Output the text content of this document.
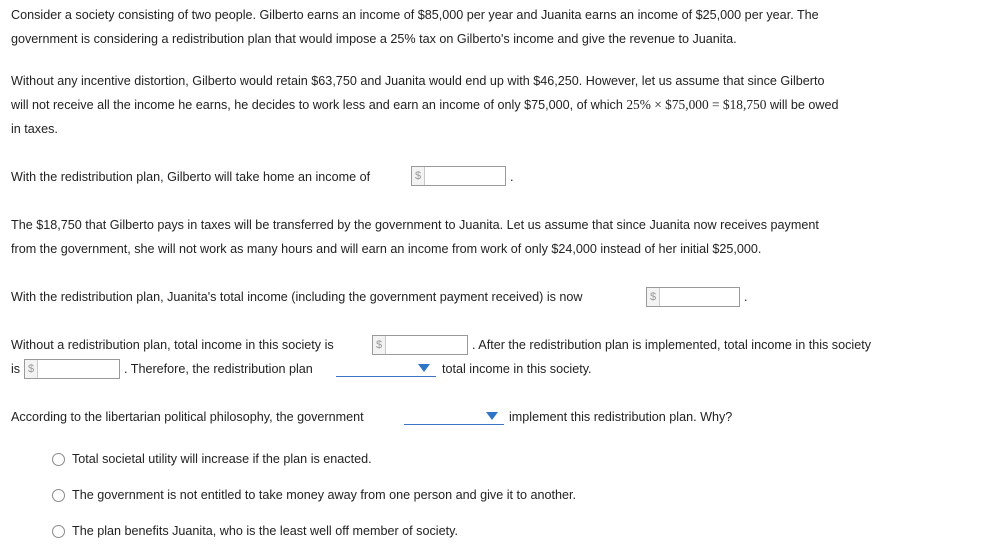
Consider a society consisting of two people. Gilberto earns an income of $85,000 per year and Juanita earns an income of $25,000 per year. The
government is considering a redistribution plan that would impose a 25% tax on Gilberto's income and give the revenue to Juanita.
Without any incentive distortion, Gilberto would retain $63,750 and Juanita would end up with $46,250. However, let us assume that since Gilberto
will not receive all the income he earns, he decides to work less and earn an income of only $75,000, of which 25% × $75,000 = $18,750 will be owed
in taxes.
With the redistribution plan, Gilberto will take home an income of	$	.
The $18,750 that Gilberto pays in taxes will be transferred by the government to Juanita. Let us assume that since Juanita now receives payment
from the government, she will not work as many hours and will earn an income from work of only $24,000 instead of her initial $25,000.
With the redistribution plan, Juanita's total income (including the government payment received) is now	$	.
Without a redistribution plan, total income in this society is	$	. After the redistribution plan is implemented, total income in this society
is $	. Therefore, the redistribution plan	total income in this society.
According to the libertarian political philosophy, the government	implement this redistribution plan. Why?
Total societal utility will increase if the plan is enacted.
The government is not entitled to take money away from one person and give it to another.
The plan benefits Juanita, who is the least well off member of society.
